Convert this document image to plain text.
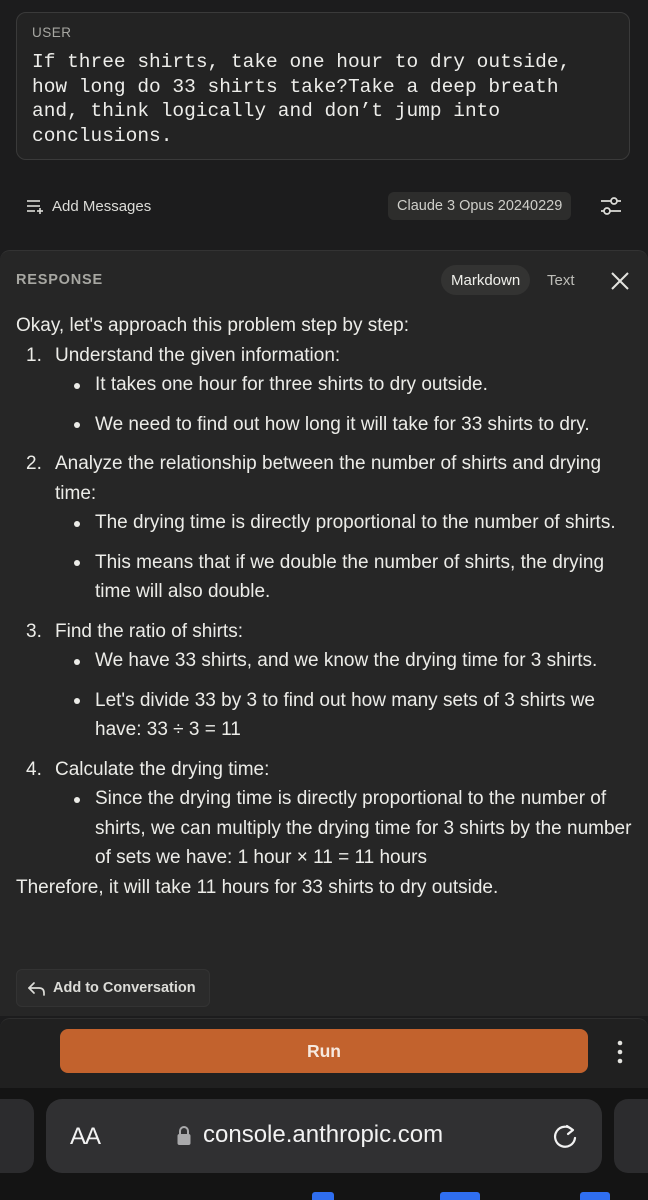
USER
If three shirts, take one hour to dry outside, how long do 33 shirts take?Take a deep breath and, think logically and don’t jump into conclusions.
Add Messages	Claude 3 Opus 20240229
RESPONSE	Markdown	Text

Okay, let's approach this problem step by step:

1. Understand the given information:
It takes one hour for three shirts to dry outside.
We need to find out how long it will take for 33 shirts to dry.
2. Analyze the relationship between the number of shirts and drying time:
The drying time is directly proportional to the number of shirts.
This means that if we double the number of shirts, the drying time will also double.
3. Find the ratio of shirts:
We have 33 shirts, and we know the drying time for 3 shirts.
Let's divide 33 by 3 to find out how many sets of 3 shirts we have: 33 ÷ 3 = 11
4. Calculate the drying time:
Since the drying time is directly proportional to the number of shirts, we can multiply the drying time for 3 shirts by the number of sets we have: 1 hour × 11 = 11 hours

Therefore, it will take 11 hours for 33 shirts to dry outside.

Add to Conversation
Run
AA	console.anthropic.com
